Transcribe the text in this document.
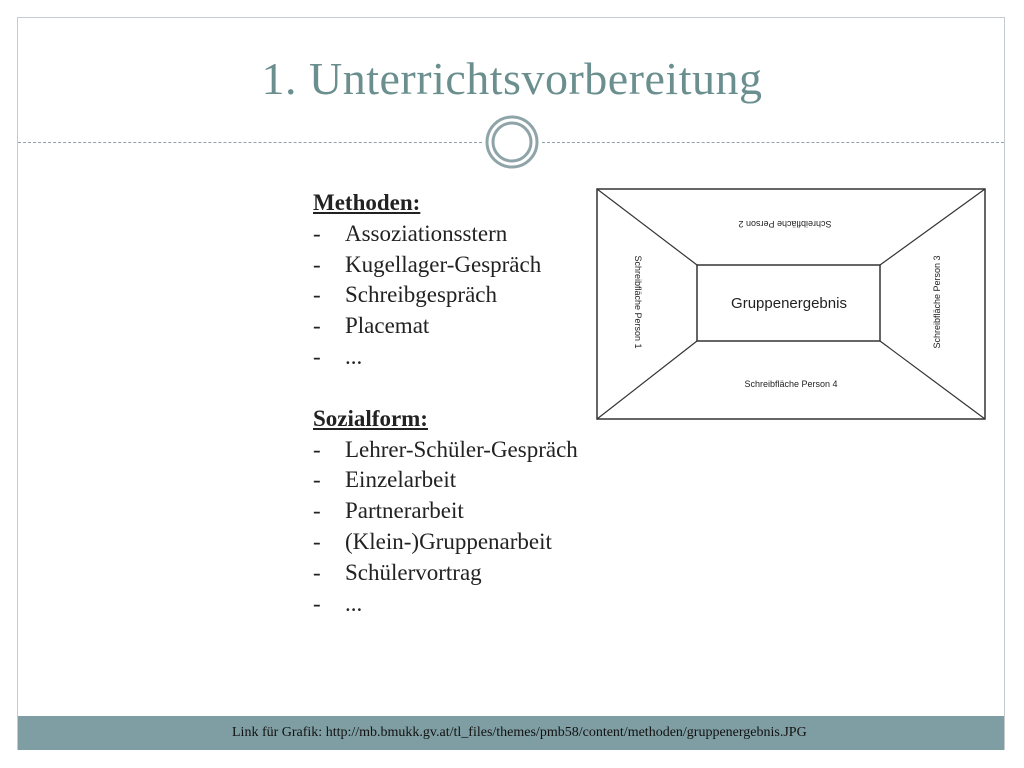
1. Unterrichtsvorbereitung

Methoden:

- Assoziationsstern
- Kugellager-Gespräch
- Schreibgespräch
- Placemat
- ...

Sozialform:

- Lehrer-Schüler-Gespräch
- Einzelarbeit
- Partnerarbeit
- (Klein-)Gruppenarbeit
- Schülervortrag
- ...
Gruppenergebnis
Schreibfläche Person 2
Schreibfläche Person 1	Schreibfläche Person 3
Schreibfläche Person 4
Link für Grafik: http://mb.bmukk.gv.at/tl_files/themes/pmb58/content/methoden/gruppenergebnis.JPG
